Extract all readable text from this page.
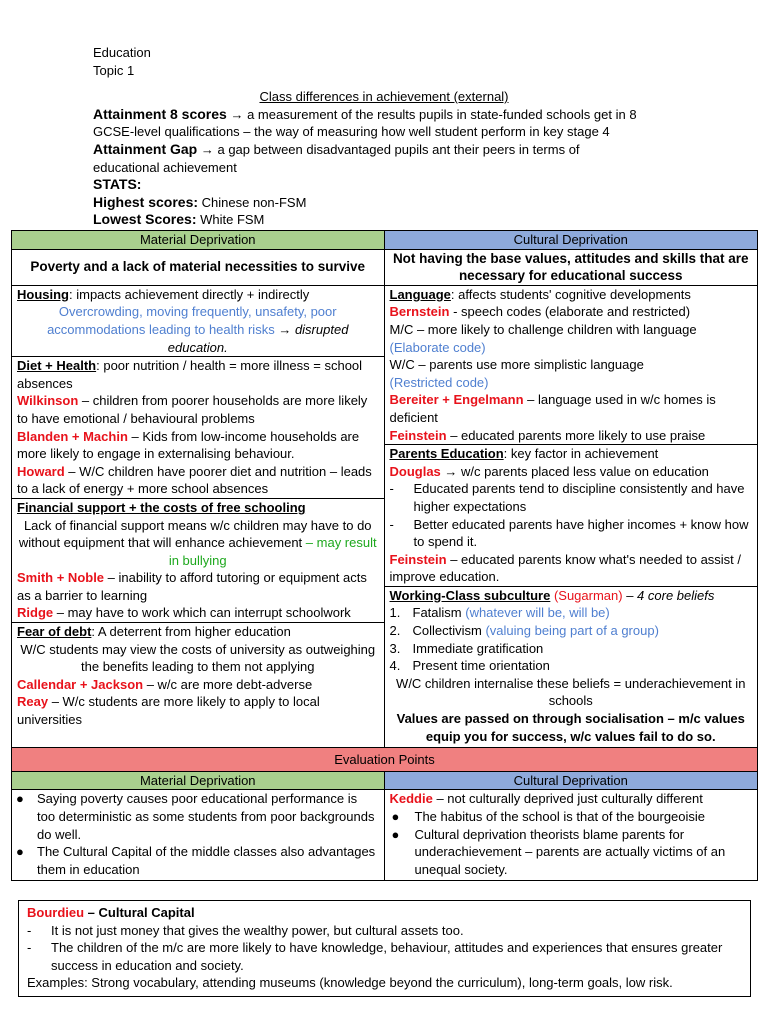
Education
Topic 1
Class differences in achievement (external)
Attainment 8 scores → a measurement of the results pupils in state-funded schools get in 8
GCSE-level qualifications – the way of measuring how well student perform in key stage 4
Attainment Gap → a gap between disadvantaged pupils ant their peers in terms of
educational achievement
STATS:
Highest scores: Chinese non-FSM
Lowest Scores: White FSM
Material Deprivation	Cultural Deprivation
Poverty and a lack of material necessities to survive
Not having the base values, attitudes and skills that are necessary for educational success
Housing: impacts achievement directly + indirectly
Overcrowding, moving frequently, unsafety, poor accommodations leading to health risks → disrupted education.
Diet + Health: poor nutrition / health = more illness = school absences
Wilkinson – children from poorer households are more likely to have emotional / behavioural problems
Blanden + Machin – Kids from low-income households are more likely to engage in externalising behaviour.
Howard – W/C children have poorer diet and nutrition – leads to a lack of energy + more school absences
Financial support + the costs of free schooling
Lack of financial support means w/c children may have to do without equipment that will enhance achievement – may result in bullying
Smith + Noble – inability to afford tutoring or equipment acts as a barrier to learning
Ridge – may have to work which can interrupt schoolwork
Fear of debt: A deterrent from higher education
W/C students may view the costs of university as outweighing the benefits leading to them not applying
Callendar + Jackson – w/c are more debt-adverse
Reay – W/c students are more likely to apply to local universities
Language: affects students' cognitive developments
Bernstein - speech codes (elaborate and restricted)
M/C – more likely to challenge children with language
(Elaborate code)
W/C – parents use more simplistic language
(Restricted code)
Bereiter + Engelmann – language used in w/c homes is deficient
Feinstein – educated parents more likely to use praise
Parents Education: key factor in achievement
Douglas → w/c parents placed less value on education
-	Educated parents tend to discipline consistently and have higher expectations
-	Better educated parents have higher incomes + know how to spend it.
Feinstein – educated parents know what's needed to assist / improve education.
Working-Class subculture (Sugarman) – 4 core beliefs
1. Fatalism (whatever will be, will be)
2. Collectivism (valuing being part of a group)
3. Immediate gratification
4. Present time orientation
W/C children internalise these beliefs = underachievement in schools
Values are passed on through socialisation – m/c values equip you for success, w/c values fail to do so.
Evaluation Points
Material Deprivation	Cultural Deprivation
●	Saying poverty causes poor educational performance is too deterministic as some students from poor backgrounds do well.
●	The Cultural Capital of the middle classes also advantages them in education
Keddie – not culturally deprived just culturally different
●	The habitus of the school is that of the bourgeoisie
●	Cultural deprivation theorists blame parents for underachievement – parents are actually victims of an unequal society.
Bourdieu – Cultural Capital
-	It is not just money that gives the wealthy power, but cultural assets too.
-	The children of the m/c are more likely to have knowledge, behaviour, attitudes and experiences that ensures greater success in education and society.
Examples: Strong vocabulary, attending museums (knowledge beyond the curriculum), long-term goals, low risk.
